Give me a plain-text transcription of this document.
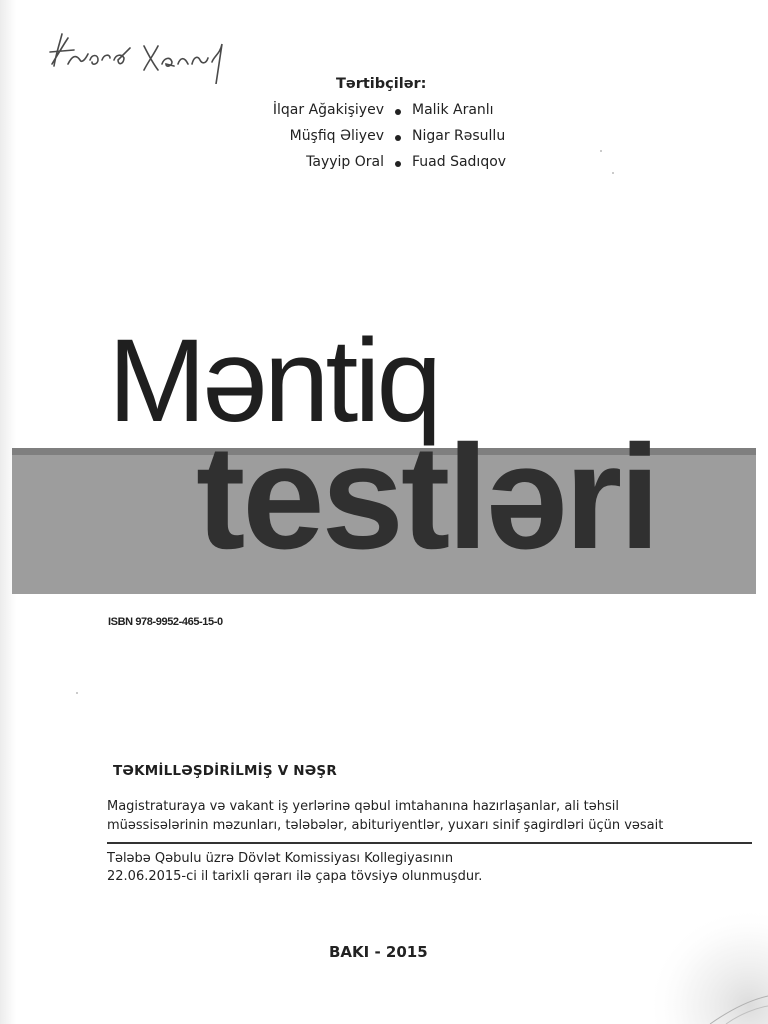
Tərtibçilər:
İlqar Ağakişiyev Malik Aranlı
Müşfiq Əliyev Nigar Rəsullu
Tayyip Oral Fuad Sadıqov
Məntiq
testləri
ISBN 978-9952-465-15-0
TƏKMİLLƏŞDİRİLMİŞ V NƏŞR
Magistraturaya və vakant iş yerlərinə qəbul imtahanına hazırlaşanlar, ali təhsil
müəssisələrinin məzunları, tələbələr, abituriyentlər, yuxarı sinif şagirdləri üçün vəsait
Tələbə Qəbulu üzrə Dövlət Komissiyası Kollegiyasının
22.06.2015-ci il tarixli qərarı ilə çapa tövsiyə olunmuşdur.
BAKI - 2015
